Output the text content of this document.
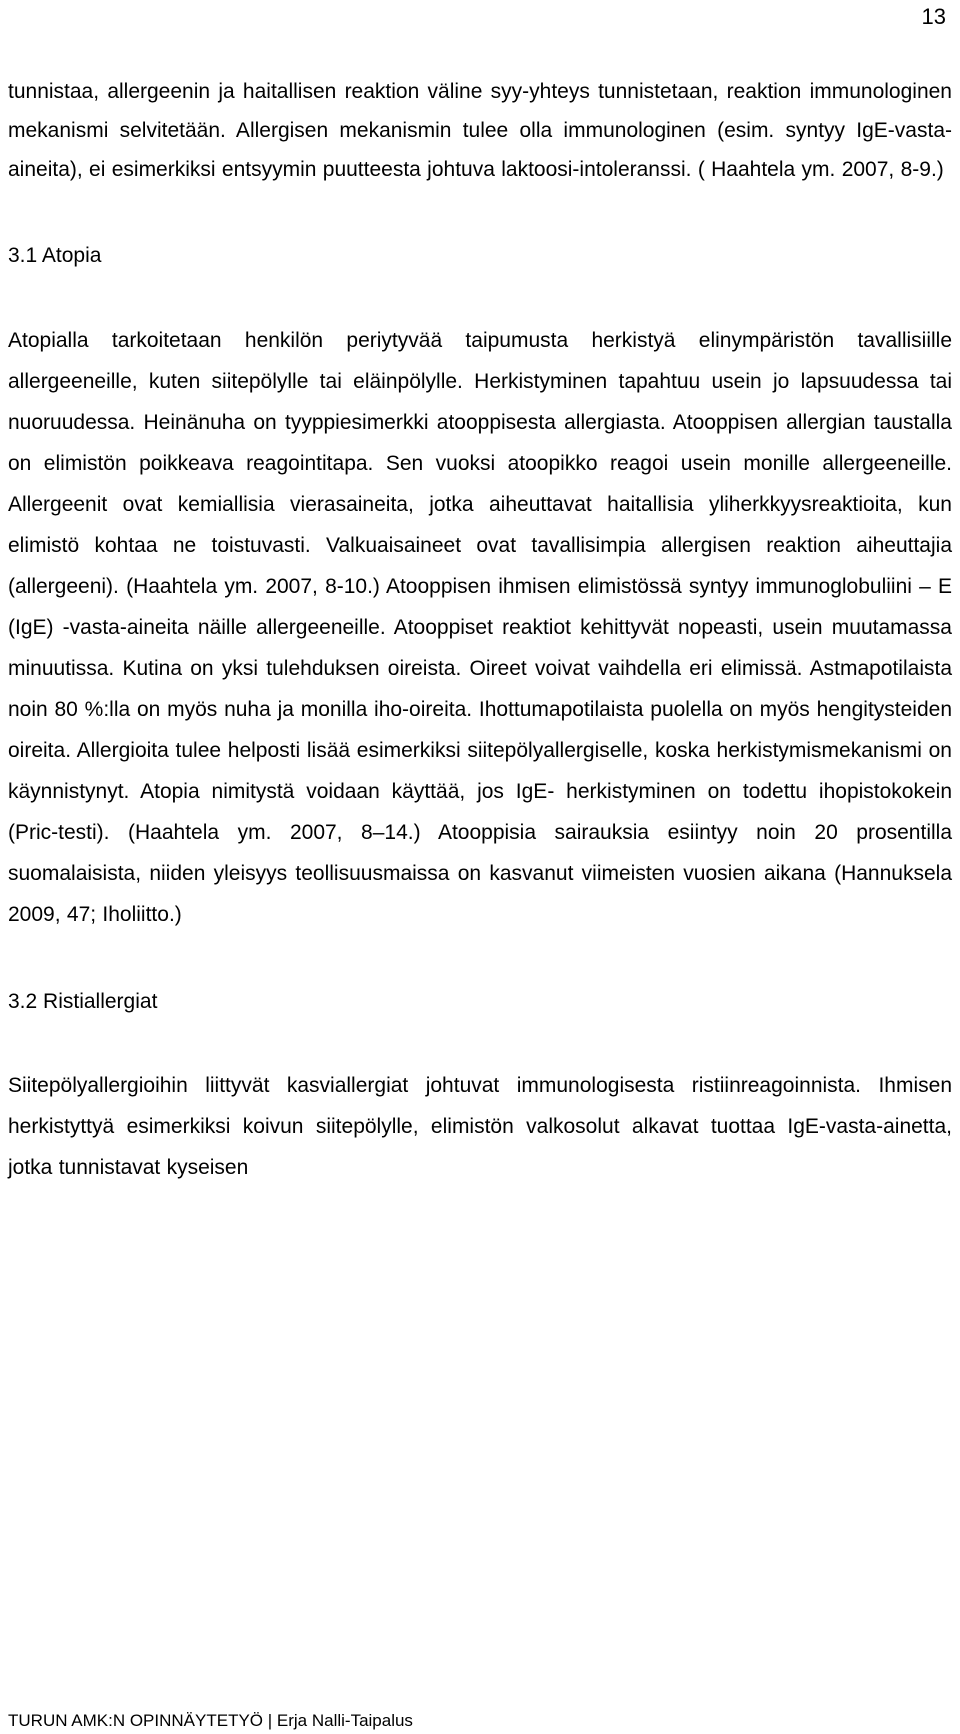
13

tunnistaa, allergeenin ja haitallisen reaktion väline syy-yhteys tunnistetaan, reaktion immunologinen mekanismi selvitetään. Allergisen mekanismin tulee olla immunologinen (esim. syntyy IgE-vasta-aineita), ei esimerkiksi entsyymin puutteesta johtuva laktoosi-intoleranssi. ( Haahtela ym. 2007, 8-9.)

3.1 Atopia

Atopialla tarkoitetaan henkilön periytyvää taipumusta herkistyä elinympäristön tavallisiille allergeeneille, kuten siitepölylle tai eläinpölylle. Herkistyminen tapahtuu usein jo lapsuudessa tai nuoruudessa. Heinänuha on tyyppiesimerkki atooppisesta allergiasta. Atooppisen allergian taustalla on elimistön poikkeava reagointitapa. Sen vuoksi atoopikko reagoi usein monille allergeeneille. Allergeenit ovat kemiallisia vierasaineita, jotka aiheuttavat haitallisia yliherkkyysreaktioita, kun elimistö kohtaa ne toistuvasti. Valkuaisaineet ovat tavallisimpia allergisen reaktion aiheuttajia (allergeeni). (Haahtela ym. 2007, 8-10.) Atooppisen ihmisen elimistössä syntyy immunoglobuliini – E (IgE) -vasta-aineita näille allergeeneille. Atooppiset reaktiot kehittyvät nopeasti, usein muutamassa minuutissa. Kutina on yksi tulehduksen oireista. Oireet voivat vaihdella eri elimissä. Astmapotilaista noin 80 %:lla on myös nuha ja monilla iho-oireita. Ihottumapotilaista puolella on myös hengitysteiden oireita. Allergioita tulee helposti lisää esimerkiksi siitepölyallergiselle, koska herkistymismekanismi on käynnistynyt. Atopia nimitystä voidaan käyttää, jos IgE- herkistyminen on todettu ihopistokokein (Pric-testi). (Haahtela ym. 2007, 8–14.) Atooppisia sairauksia esiintyy noin 20 prosentilla suomalaisista, niiden yleisyys teollisuusmaissa on kasvanut viimeisten vuosien aikana (Hannuksela 2009, 47; Iholiitto.)

3.2 Ristiallergiat

Siitepölyallergioihin liittyvät kasviallergiat johtuvat immunologisesta ristiinreagoinnista. Ihmisen herkistyttyä esimerkiksi koivun siitepölylle, elimistön valkosolut alkavat tuottaa IgE-vasta-ainetta, jotka tunnistavat kyseisen

TURUN AMK:N OPINNÄYTETYÖ | Erja Nalli-Taipalus
